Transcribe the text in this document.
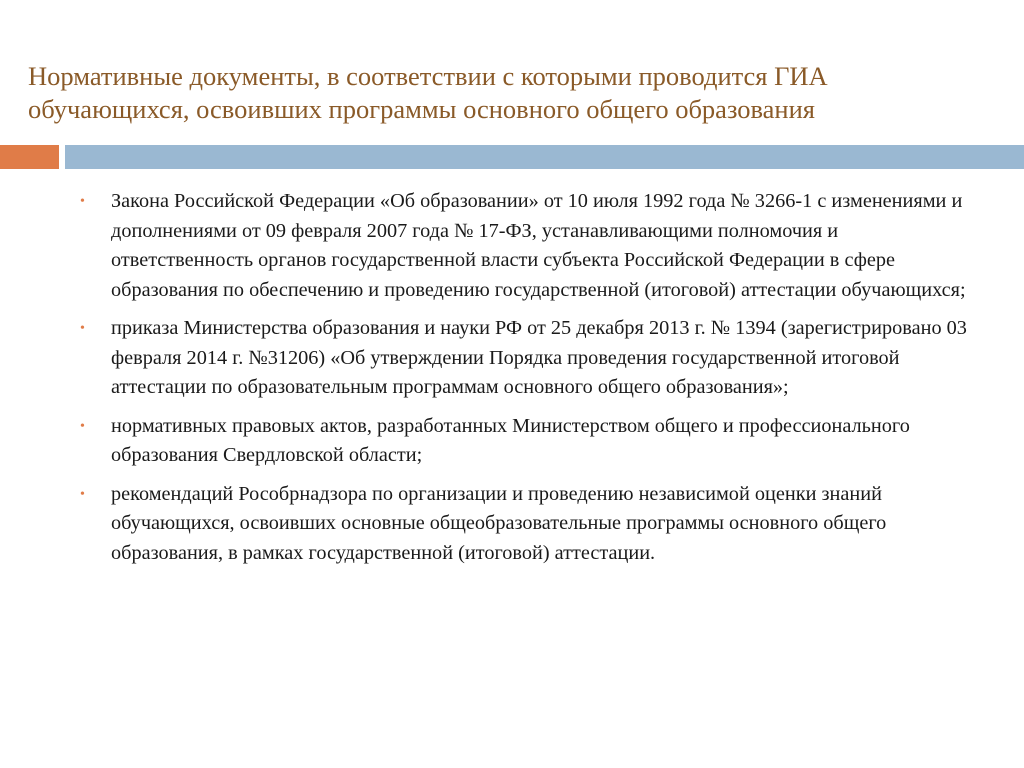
Нормативные документы, в соответствии с которыми проводится ГИА
обучающихся, освоивших программы основного общего образования
• Закона Российской Федерации «Об образовании» от 10 июля 1992 года № 3266-1 с изменениями и дополнениями от 09 февраля 2007 года № 17-ФЗ, устанавливающими полномочия и ответственность органов государственной власти субъекта Российской Федерации в сфере образования по обеспечению и проведению государственной (итоговой) аттестации обучающихся;
• приказа Министерства образования и науки РФ от 25 декабря 2013 г. № 1394 (зарегистрировано 03 февраля 2014 г. №31206) «Об утверждении Порядка проведения государственной итоговой аттестации по образовательным программам основного общего образования»;
• нормативных правовых актов, разработанных Министерством общего и профессионального образования Свердловской области;
• рекомендаций Рособрнадзора по организации и проведению независимой оценки знаний обучающихся, освоивших основные общеобразовательные программы основного общего образования, в рамках государственной (итоговой) аттестации.
